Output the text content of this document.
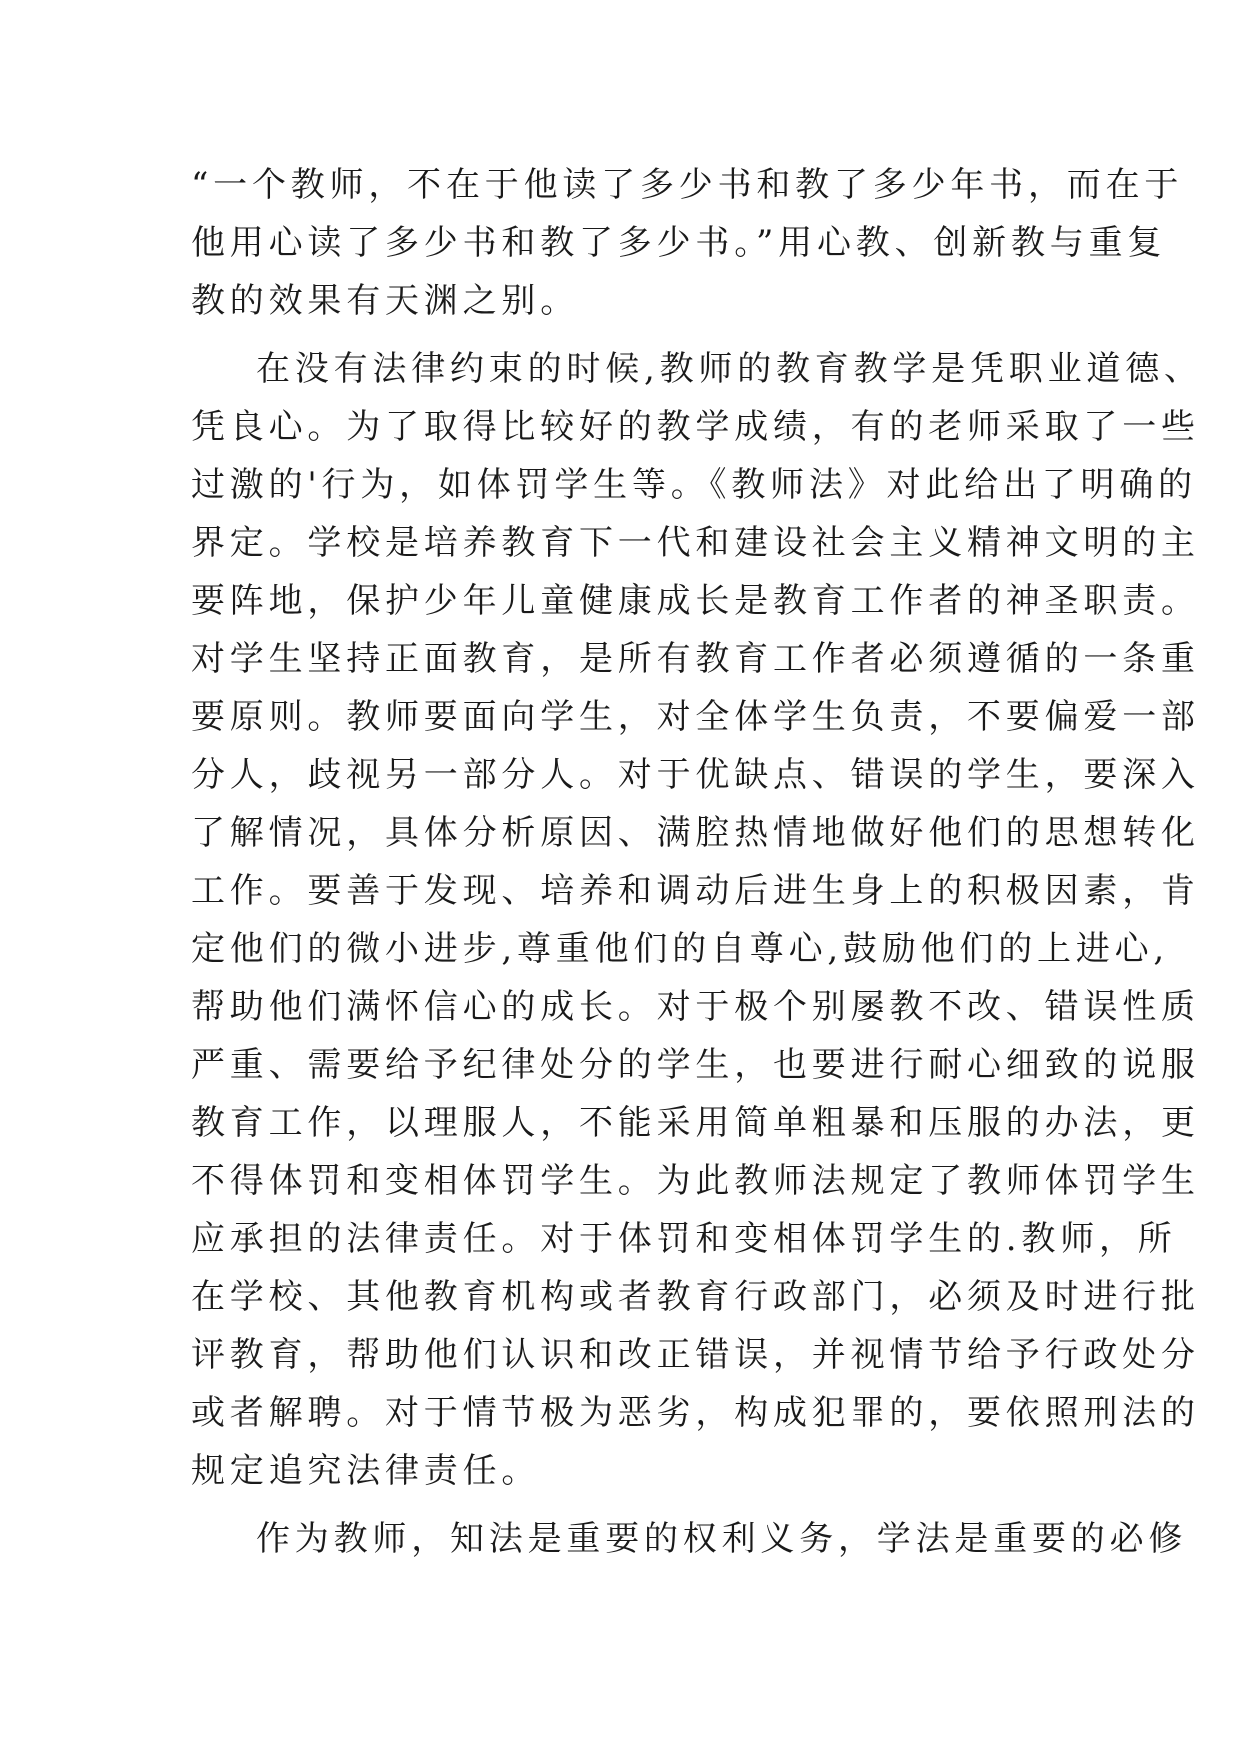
“一个教师，不在于他读了多少书和教了多少年书，而在于
他用心读了多少书和教了多少书。”用心教、创新教与重复
教的效果有天渊之别。
在没有法律约束的时候,教师的教育教学是凭职业道德、
凭良心。为了取得比较好的教学成绩，有的老师采取了一些
过激的'行为，如体罚学生等。《教师法》对此给出了明确的
界定。学校是培养教育下一代和建设社会主义精神文明的主
要阵地，保护少年儿童健康成长是教育工作者的神圣职责。
对学生坚持正面教育，是所有教育工作者必须遵循的一条重
要原则。教师要面向学生，对全体学生负责，不要偏爱一部
分人，歧视另一部分人。对于优缺点、错误的学生，要深入
了解情况，具体分析原因、满腔热情地做好他们的思想转化
工作。要善于发现、培养和调动后进生身上的积极因素，肯
定他们的微小进步,尊重他们的自尊心,鼓励他们的上进心,
帮助他们满怀信心的成长。对于极个别屡教不改、错误性质
严重、需要给予纪律处分的学生，也要进行耐心细致的说服
教育工作，以理服人，不能采用简单粗暴和压服的办法，更
不得体罚和变相体罚学生。为此教师法规定了教师体罚学生
应承担的法律责任。对于体罚和变相体罚学生的.教师，所
在学校、其他教育机构或者教育行政部门，必须及时进行批
评教育，帮助他们认识和改正错误，并视情节给予行政处分
或者解聘。对于情节极为恶劣，构成犯罪的，要依照刑法的
规定追究法律责任。
作为教师，知法是重要的权利义务，学法是重要的必修
